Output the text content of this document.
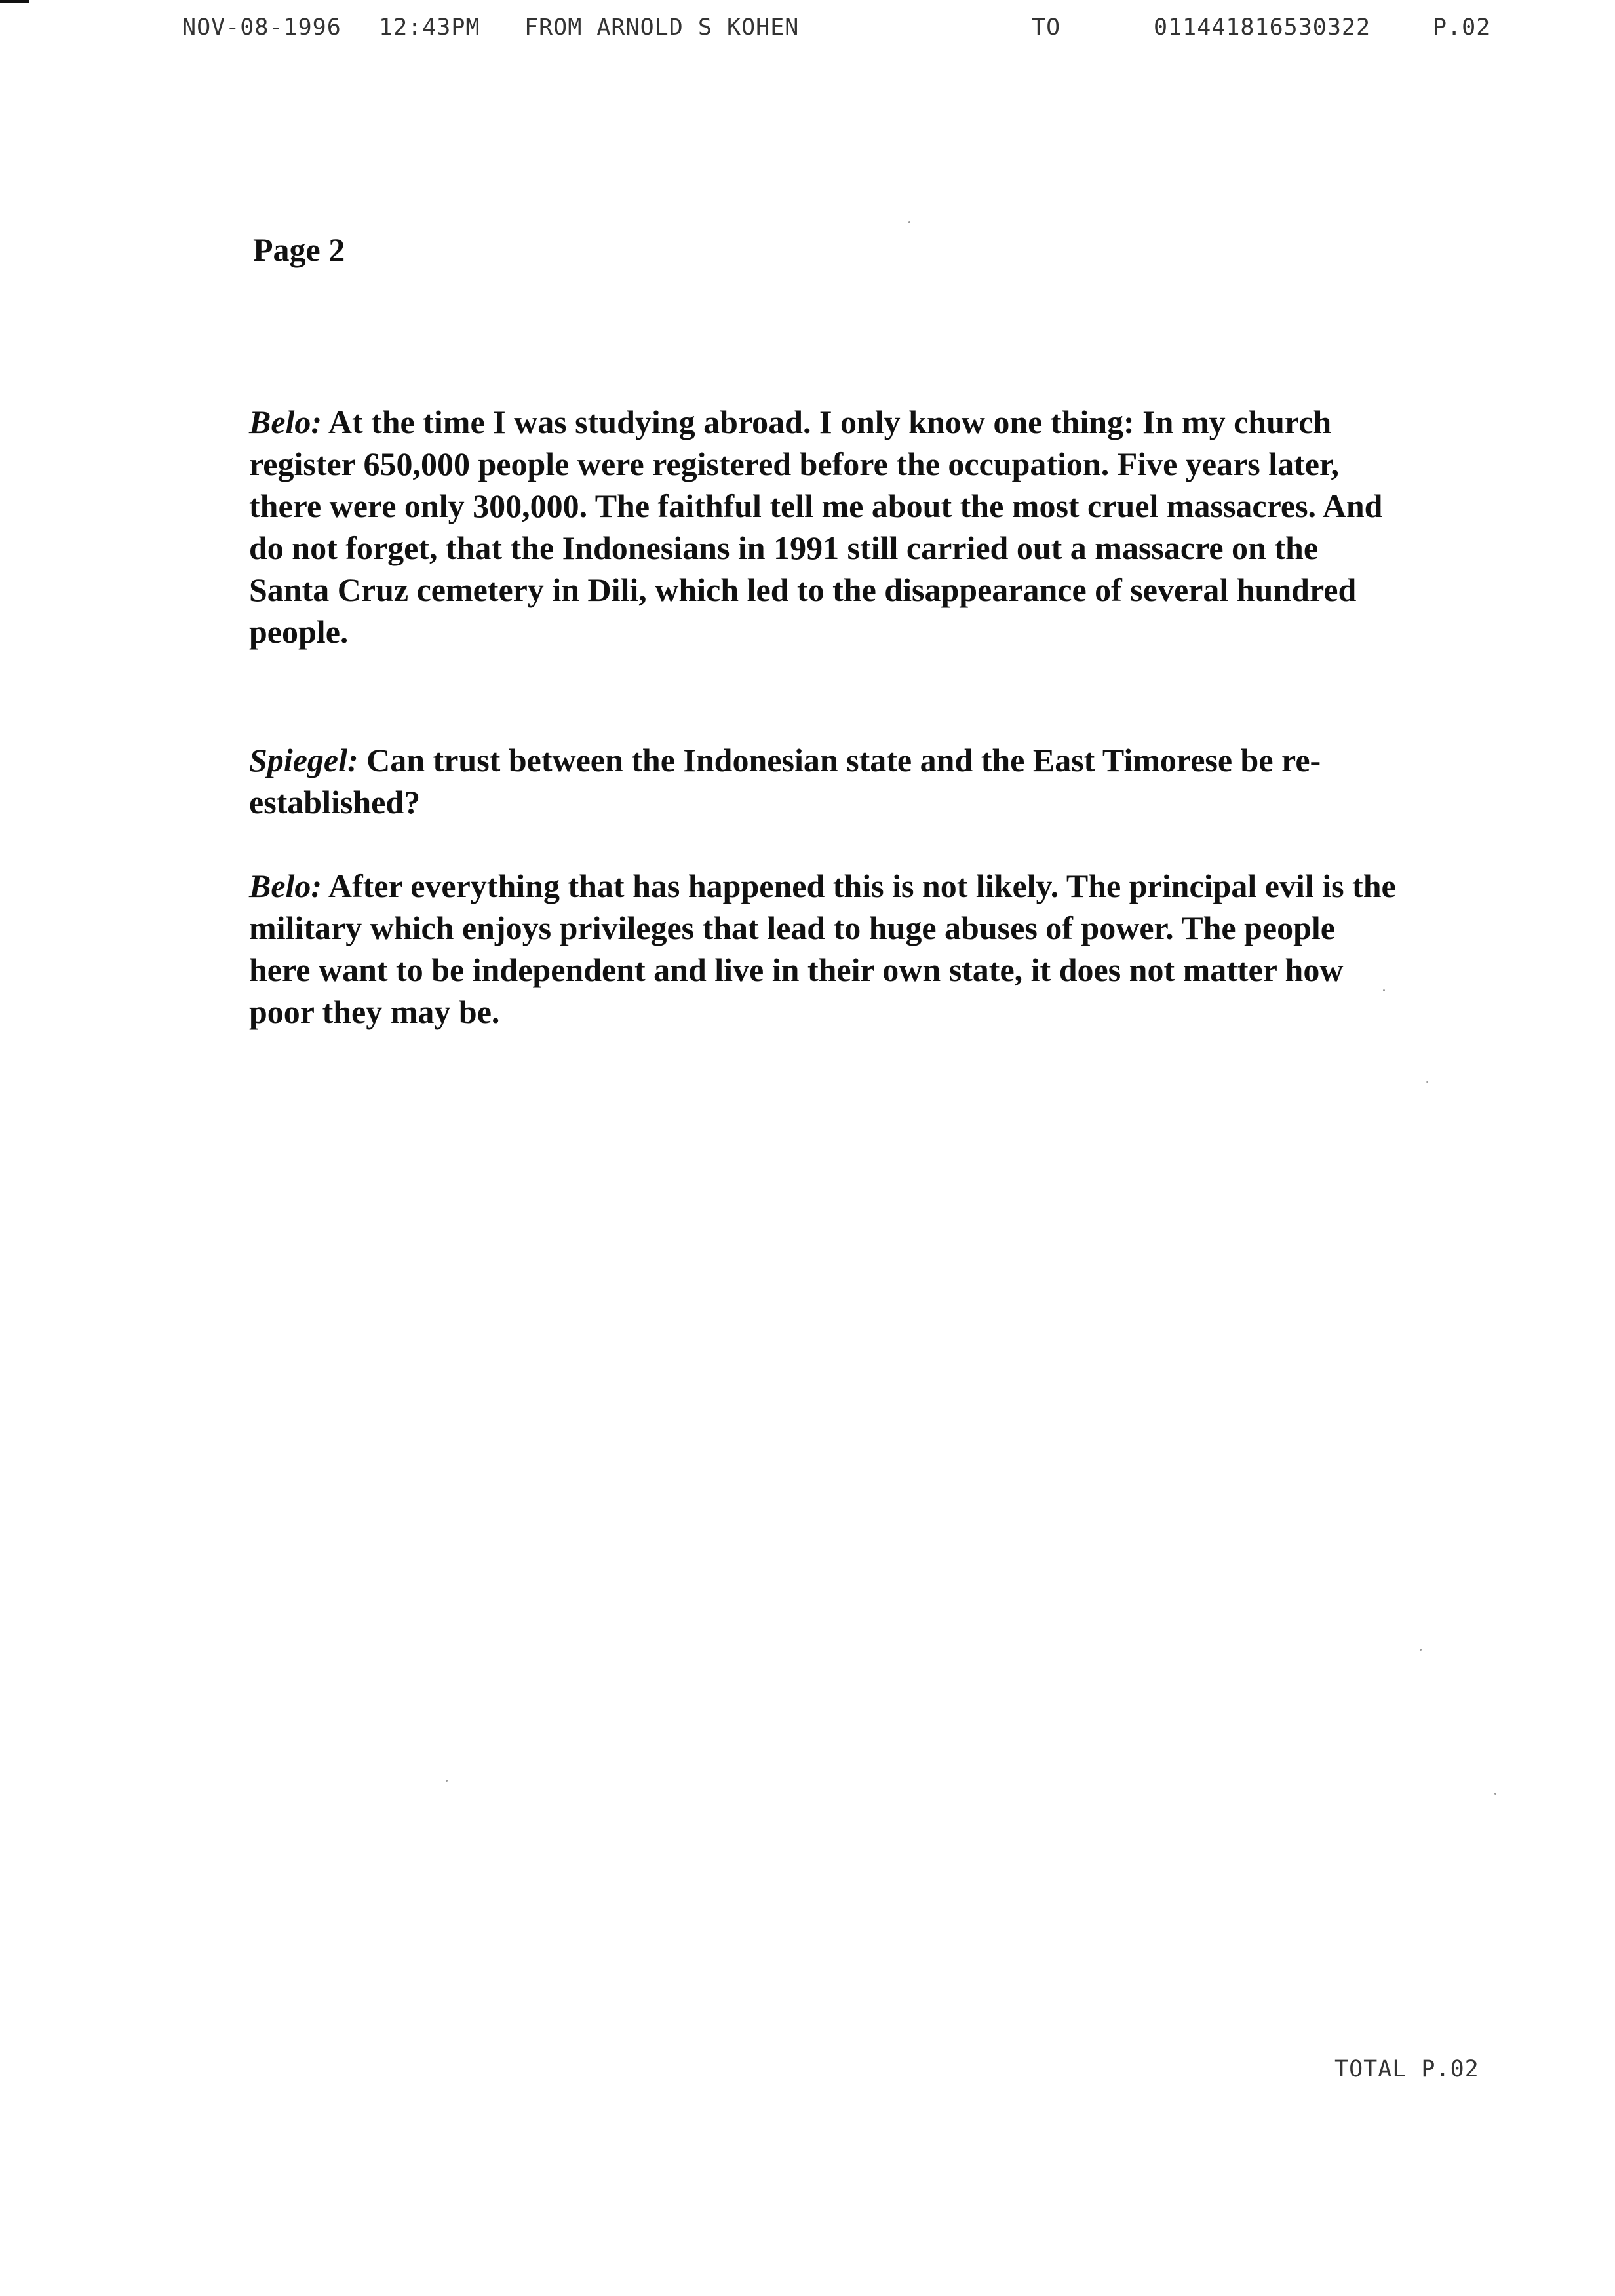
NOV-08-1996 12:43PM FROM ARNOLD S KOHEN	TO	011441816530322	P.02
Page 2

Belo: At the time I was studying abroad. I only know one thing: In my church register 650,000 people were registered before the occupation. Five years later, there were only 300,000. The faithful tell me about the most cruel massacres. And do not forget, that the Indonesians in 1991 still carried out a massacre on the Santa Cruz cemetery in Dili, which led to the disappearance of several hundred people.

Spiegel: Can trust between the Indonesian state and the East Timorese be re-established?

Belo: After everything that has happened this is not likely. The principal evil is the military which enjoys privileges that lead to huge abuses of power. The people here want to be independent and live in their own state, it does not matter how poor they may be.

TOTAL P.02
